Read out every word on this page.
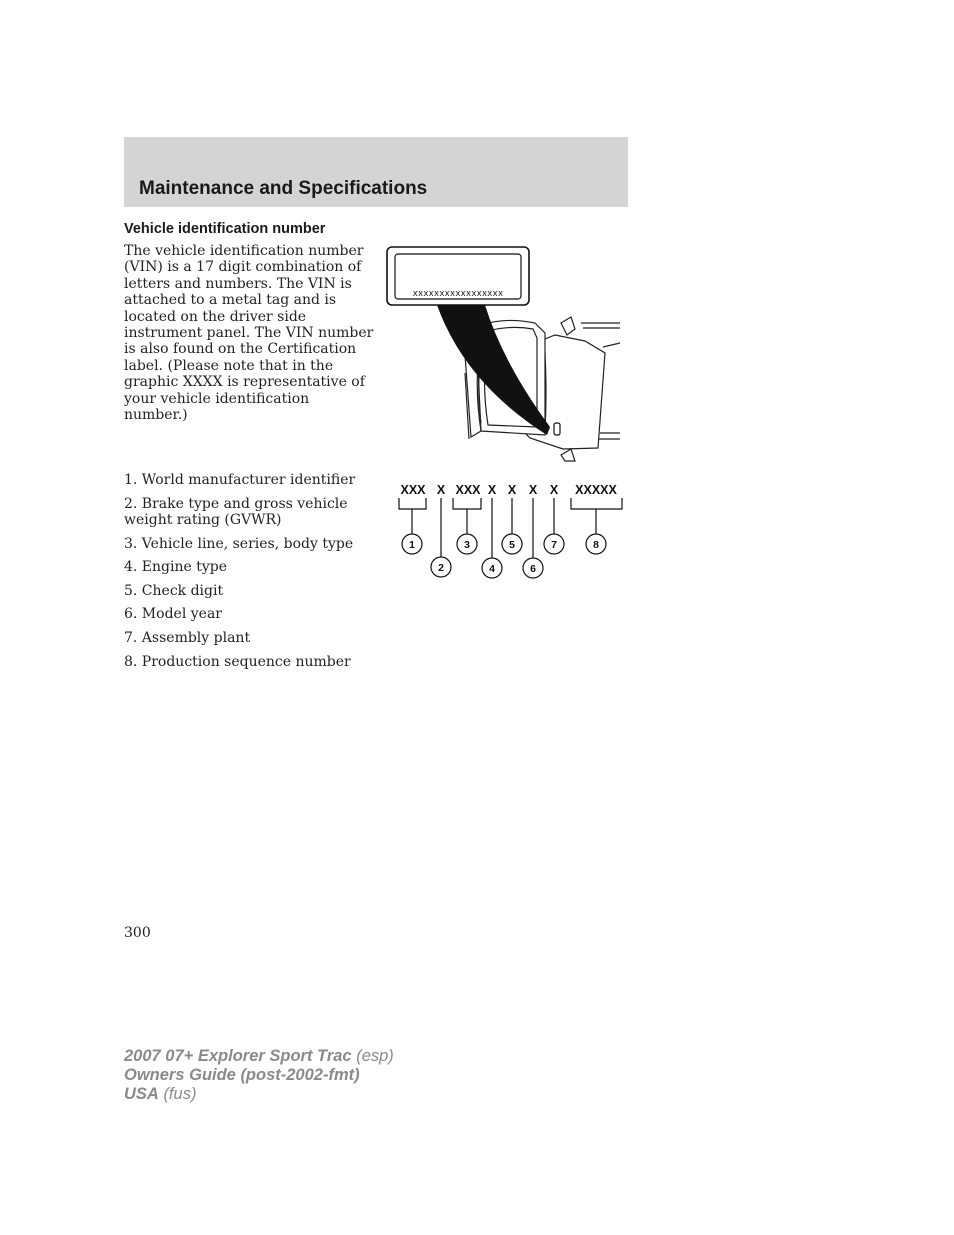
Maintenance and Specifications
Vehicle identification number

The vehicle identification number
(VIN) is a 17 digit combination of
letters and numbers. The VIN is
attached to a metal tag and is
located on the driver side
instrument panel. The VIN number
is also found on the Certification
label. (Please note that in the
graphic XXXX is representative of
your vehicle identification number.)

xxxxxxxxxxxxxxxxx
1. World manufacturer identifier
2. Brake type and gross vehicle weight rating (GVWR)
3. Vehicle line, series, body type
4. Engine type
5. Check digit
6. Model year
7. Assembly plant
8. Production sequence number
XXX X XXX X X X X XXXXX
1
2
3
4
5
6
7	8

300

2007 07+ Explorer Sport Trac (esp)
Owners Guide (post-2002-fmt)
USA (fus)
